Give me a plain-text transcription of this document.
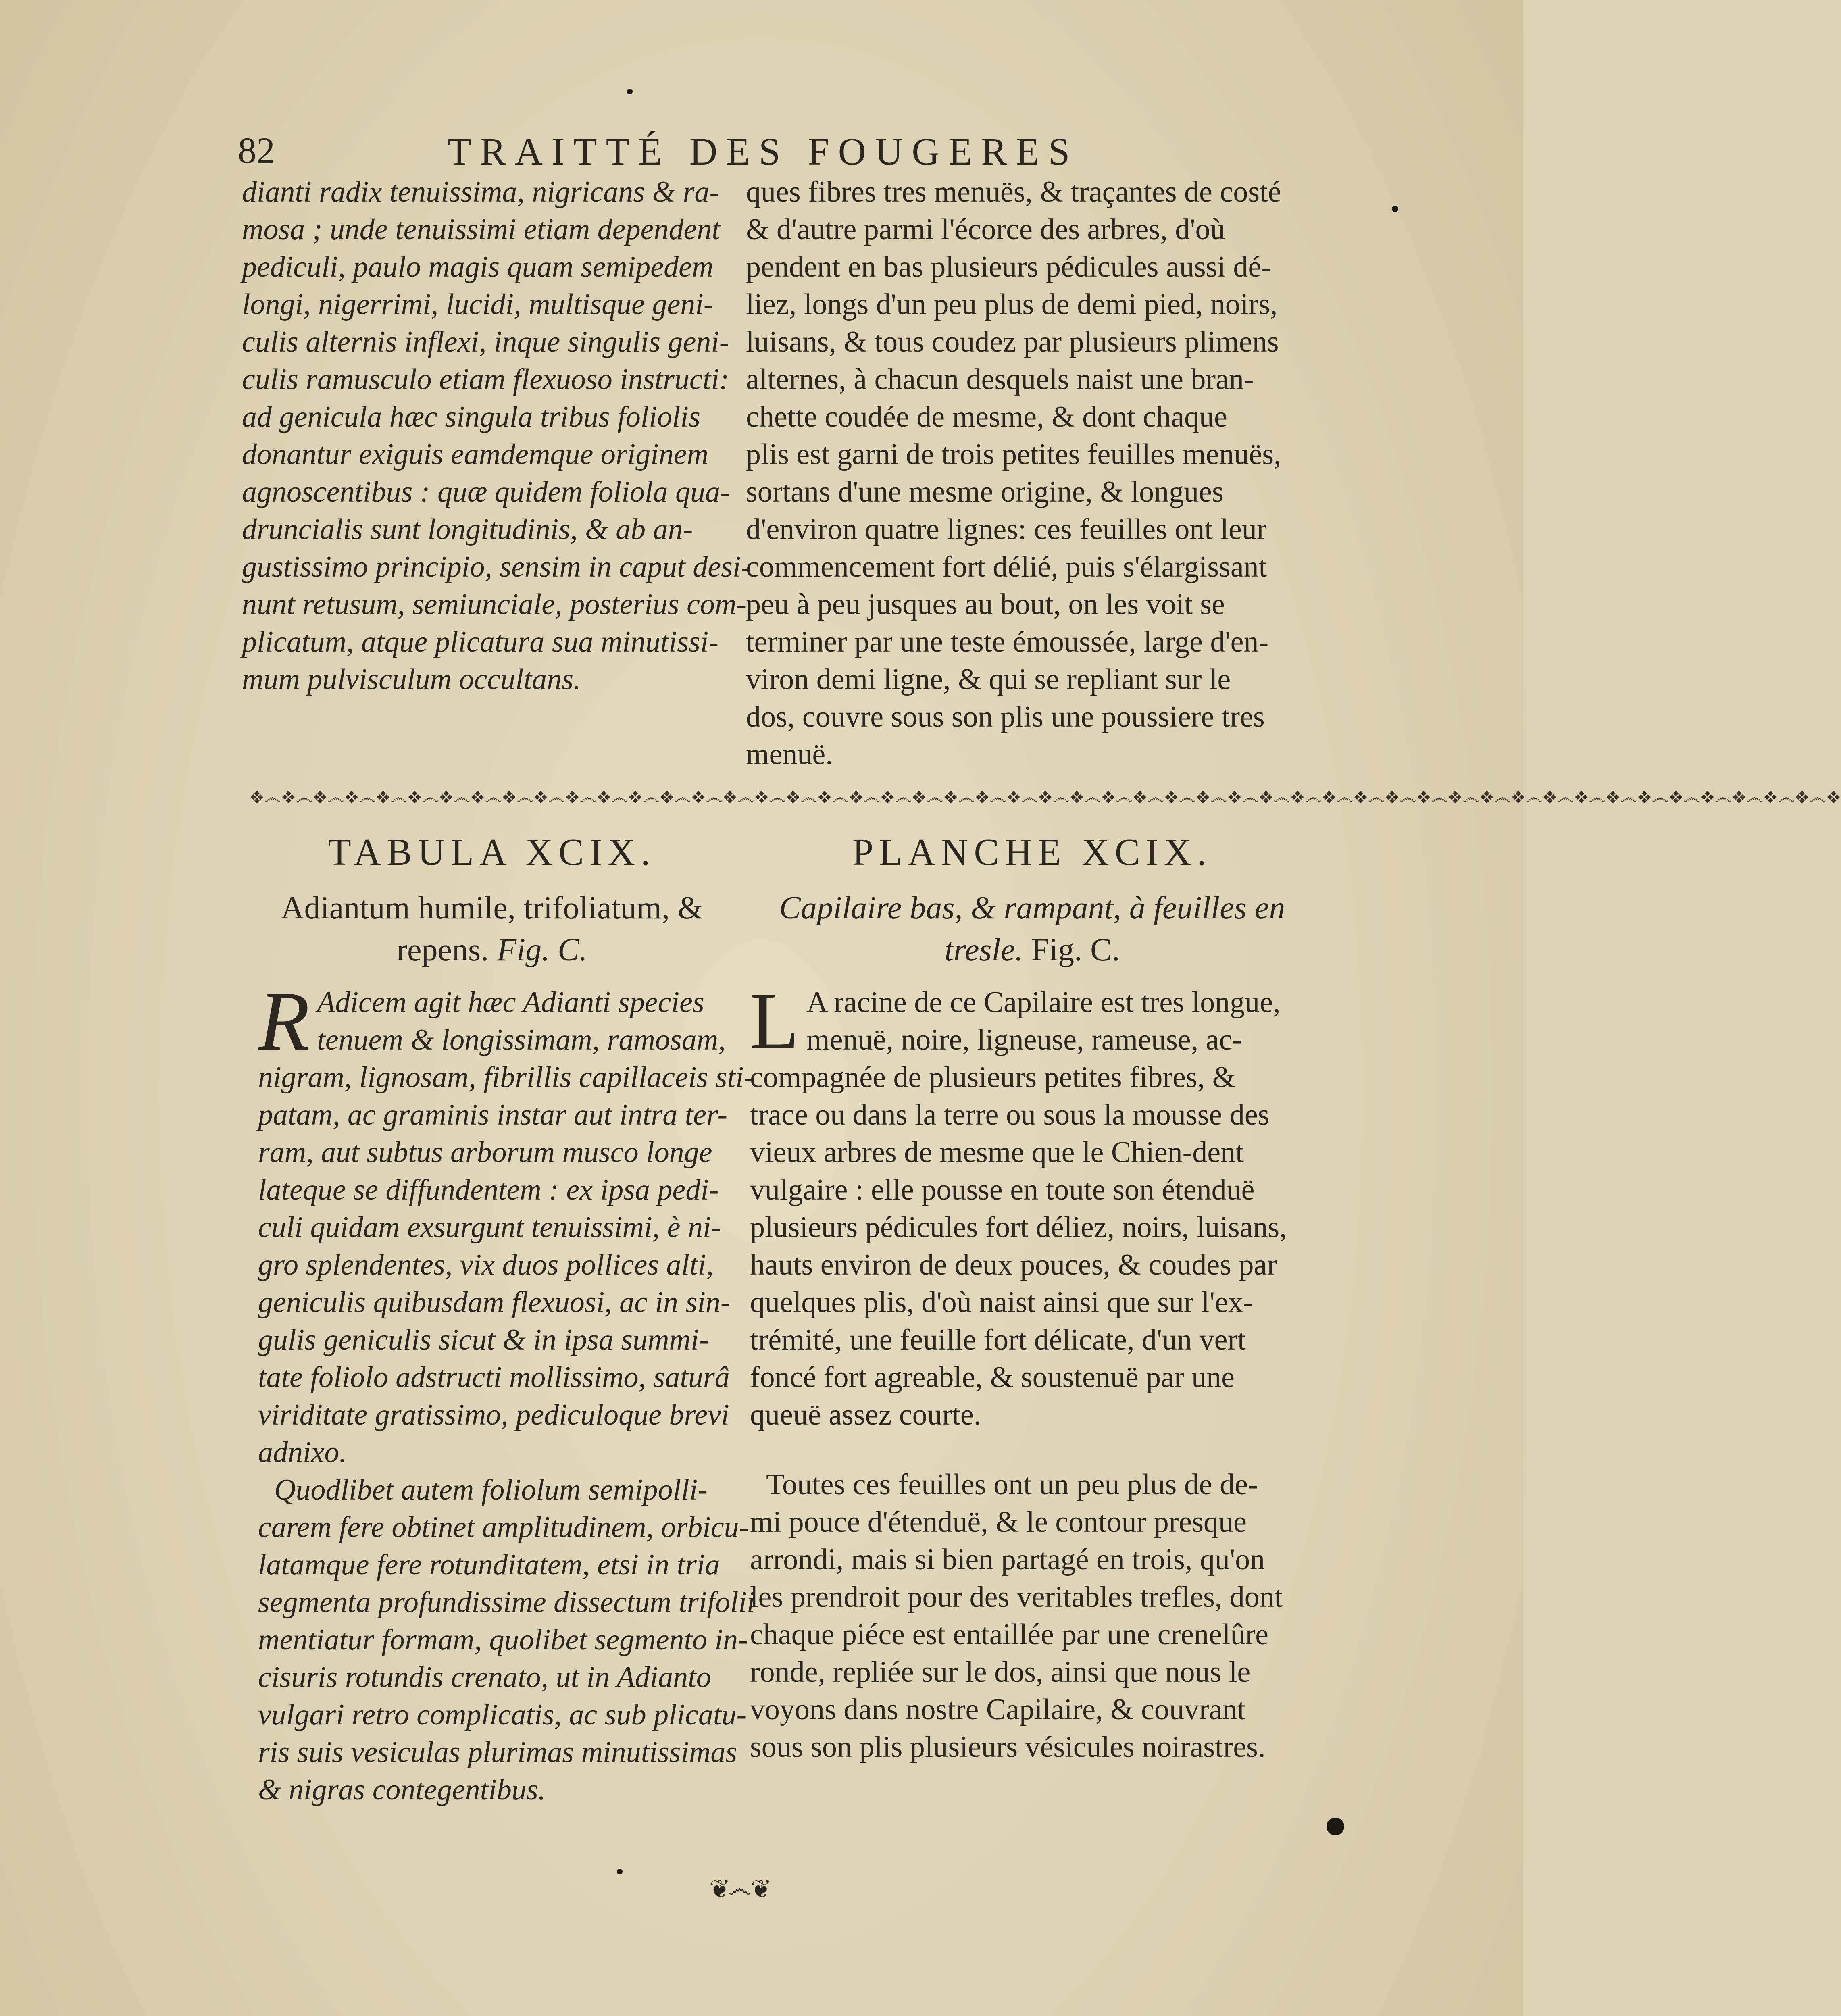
82	TRAITTÉ DES FOUGERES
dianti radix tenuissima, nigricans & ra-
mosa ; unde tenuissimi etiam dependent
pediculi, paulo magis quam semipedem
longi, nigerrimi, lucidi, multisque geni-
culis alternis inflexi, inque singulis geni-
culis ramusculo etiam flexuoso instructi:
ad genicula hæc singula tribus foliolis
donantur exiguis eamdemque originem
agnoscentibus : quæ quidem foliola qua-
druncialis sunt longitudinis, & ab an-
gustissimo principio, sensim in caput desi-
nunt retusum, semiunciale, posterius com-
plicatum, atque plicatura sua minutissi-
mum pulvisculum occultans.
ques fibres tres menuës, & traçantes de costé
& d'autre parmi l'écorce des arbres, d'où
pendent en bas plusieurs pédicules aussi dé-
liez, longs d'un peu plus de demi pied, noirs,
luisans, & tous coudez par plusieurs plimens
alternes, à chacun desquels naist une bran-
chette coudée de mesme, & dont chaque
plis est garni de trois petites feuilles menuës,
sortans d'une mesme origine, & longues
d'environ quatre lignes: ces feuilles ont leur
commencement fort délié, puis s'élargissant
peu à peu jusques au bout, on les voit se
terminer par une teste émoussée, large d'en-
viron demi ligne, & qui se repliant sur le
dos, couvre sous son plis une poussiere tres
menuë.
❖෴❖෴❖෴❖෴❖෴❖෴❖෴❖෴❖෴❖෴❖෴❖෴❖෴❖෴❖෴❖෴❖෴❖෴❖෴❖෴❖෴❖෴❖෴❖෴❖෴❖෴❖෴❖෴❖෴❖෴❖෴❖෴❖෴❖෴❖෴❖෴❖෴❖෴❖෴❖෴❖෴❖෴❖෴❖෴❖෴❖෴❖෴❖෴❖෴❖෴❖
TABULA XCIX.	PLANCHE XCIX.
Adiantum humile, trifoliatum, &
repens. Fig. C.
Capilaire bas, & rampant, à feuilles en
tresle. Fig. C.
R Adicem agit hæc Adianti species
tenuem & longissimam, ramosam,
nigram, lignosam, fibrillis capillaceis sti-
patam, ac graminis instar aut intra ter-
ram, aut subtus arborum musco longe
lateque se diffundentem : ex ipsa pedi-
culi quidam exsurgunt tenuissimi, è ni-
gro splendentes, vix duos pollices alti,
geniculis quibusdam flexuosi, ac in sin-
gulis geniculis sicut & in ipsa summi-
tate foliolo adstructi mollissimo, saturâ
viriditate gratissimo, pediculoque brevi
adnixo.
Quodlibet autem foliolum semipolli-
carem fere obtinet amplitudinem, orbicu-
latamque fere rotunditatem, etsi in tria
segmenta profundissime dissectum trifolii
mentiatur formam, quolibet segmento in-
cisuris rotundis crenato, ut in Adianto
vulgari retro complicatis, ac sub plicatu-
ris suis vesiculas plurimas minutissimas
& nigras contegentibus.
L A racine de ce Capilaire est tres longue,
menuë, noire, ligneuse, rameuse, ac-
compagnée de plusieurs petites fibres, &
trace ou dans la terre ou sous la mousse des
vieux arbres de mesme que le Chien-dent
vulgaire : elle pousse en toute son étenduë
plusieurs pédicules fort déliez, noirs, luisans,
hauts environ de deux pouces, & coudes par
quelques plis, d'où naist ainsi que sur l'ex-
trémité, une feuille fort délicate, d'un vert
foncé fort agreable, & soustenuë par une
queuë assez courte.
Toutes ces feuilles ont un peu plus de de-
mi pouce d'étenduë, & le contour presque
arrondi, mais si bien partagé en trois, qu'on
les prendroit pour des veritables trefles, dont
chaque piéce est entaillée par une crenelûre
ronde, repliée sur le dos, ainsi que nous le
voyons dans nostre Capilaire, & couvrant
sous son plis plusieurs vésicules noirastres.
❦෴❦
